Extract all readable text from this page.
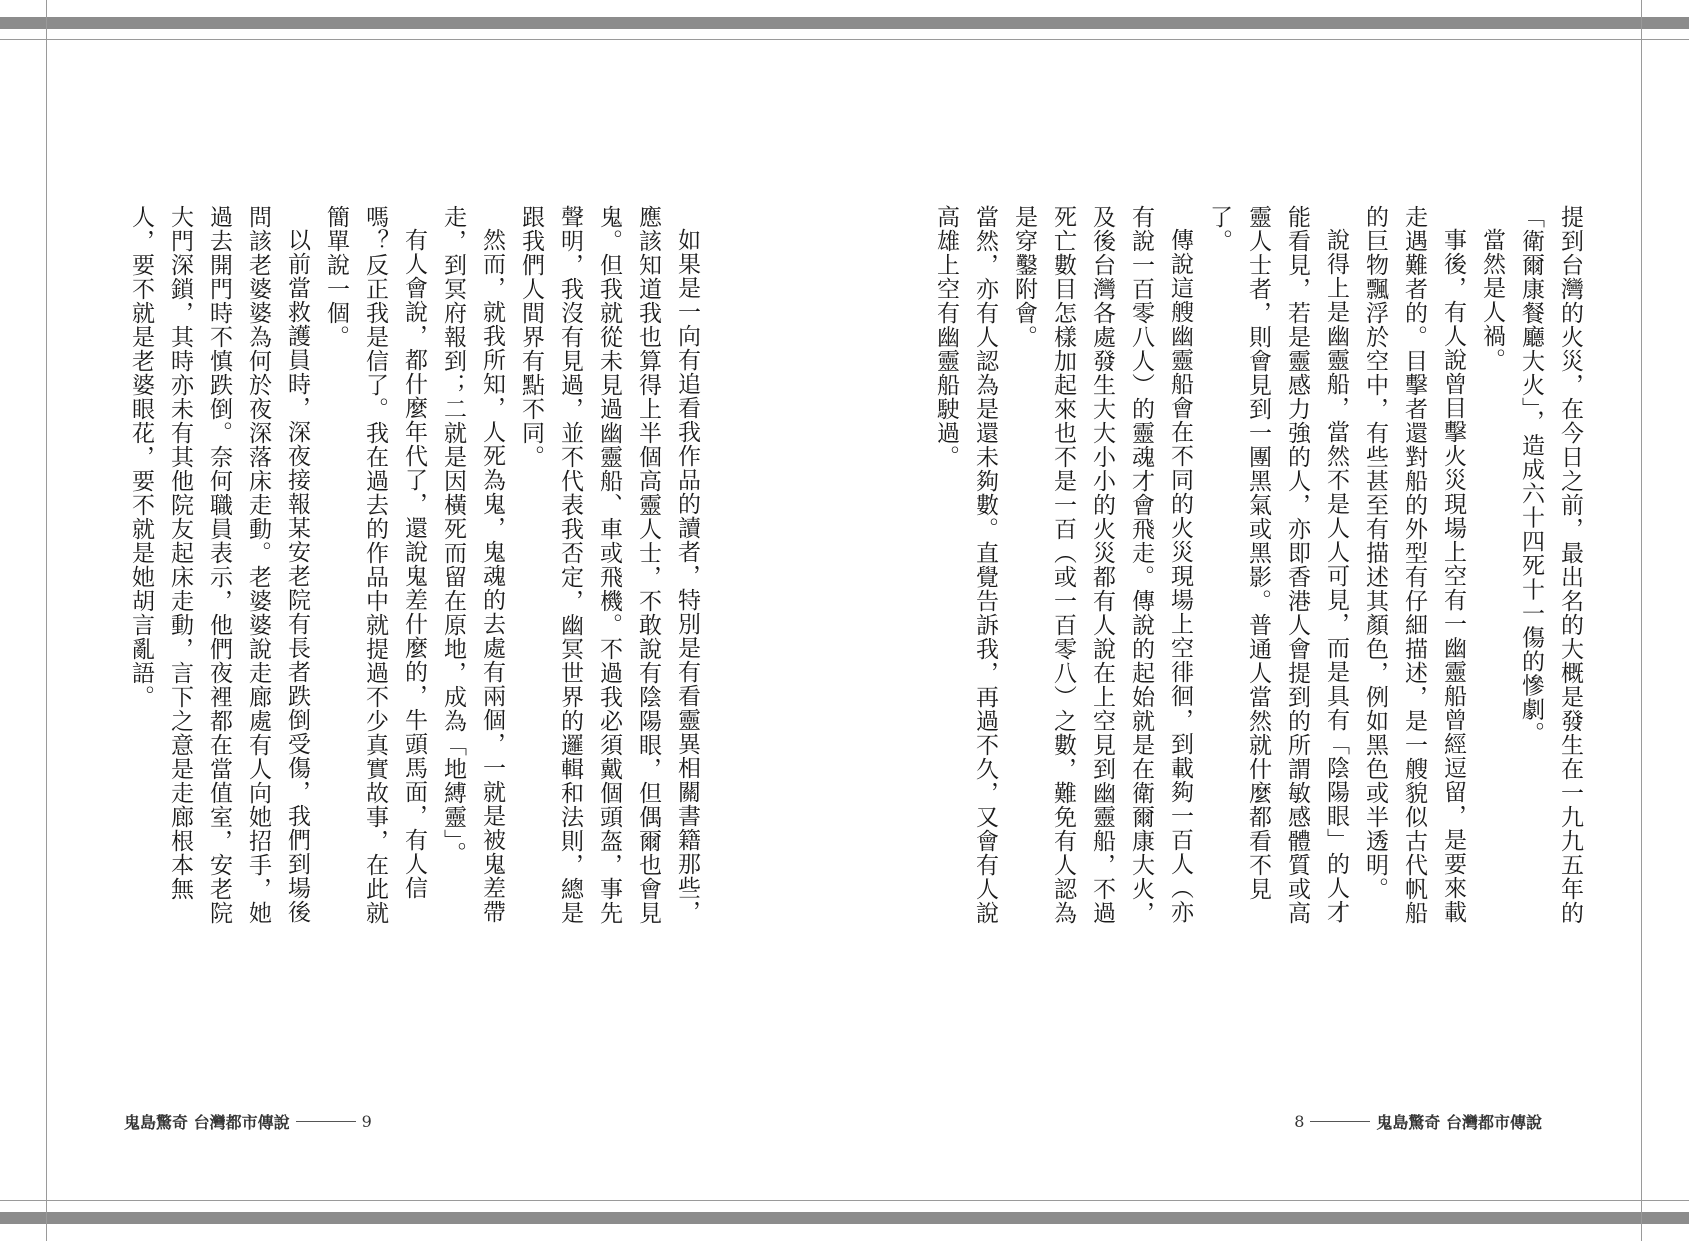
如果是一向有追看我作品的讀者，特別是有看靈異相關書籍那些，應該知道我也算得上半個高靈人士，不敢說有陰陽眼，但偶爾也會見鬼。但我就從未見過幽靈船、車或飛機。不過我必須戴個頭盔，事先聲明，我沒有見過，並不代表我否定，幽冥世界的邏輯和法則，總是跟我們人間界有點不同。

然而，就我所知，人死為鬼，鬼魂的去處有兩個，一就是被鬼差帶走，到冥府報到；二就是因橫死而留在原地，成為「地縛靈」。

有人會說，都什麼年代了，還說鬼差什麼的，牛頭馬面，有人信嗎？反正我是信了。我在過去的作品中就提過不少真實故事，在此就簡單說一個。

以前當救護員時，深夜接報某安老院有長者跌倒受傷，我們到場後問該老婆婆為何於夜深落床走動。老婆婆說走廊處有人向她招手，她過去開門時不慎跌倒。奈何職員表示，他們夜裡都在當值室，安老院大門深鎖，其時亦未有其他院友起床走動，言下之意是走廊根本無人，要不就是老婆眼花，要不就是她胡言亂語。

鬼島驚奇 台灣都市傳說	9

提到台灣的火災，在今日之前，最出名的大概是發生在一九九五年的「衛爾康餐廳大火」，造成六十四死十一傷的慘劇。

當然是人禍。

事後，有人說曾目擊火災現場上空有一幽靈船曾經逗留，是要來載走遇難者的。目擊者還對船的外型有仔細描述，是一艘貌似古代帆船的巨物飄浮於空中，有些甚至有描述其顏色，例如黑色或半透明。

說得上是幽靈船，當然不是人人可見，而是具有「陰陽眼」的人才能看見，若是靈感力強的人，亦即香港人會提到的所謂敏感體質或高靈人士者，則會見到一團黑氣或黑影。普通人當然就什麼都看不見了。

傳說這艘幽靈船會在不同的火災現場上空徘徊，到載夠一百人（亦有說一百零八人）的靈魂才會飛走。傳說的起始就是在衛爾康大火，及後台灣各處發生大大小小的火災都有人說在上空見到幽靈船，不過死亡數目怎樣加起來也不是一百（或一百零八）之數，難免有人認為是穿鑿附會。

當然，亦有人認為是還未夠數。直覺告訴我，再過不久，又會有人說高雄上空有幽靈船駛過。

8	鬼島驚奇 台灣都市傳說
